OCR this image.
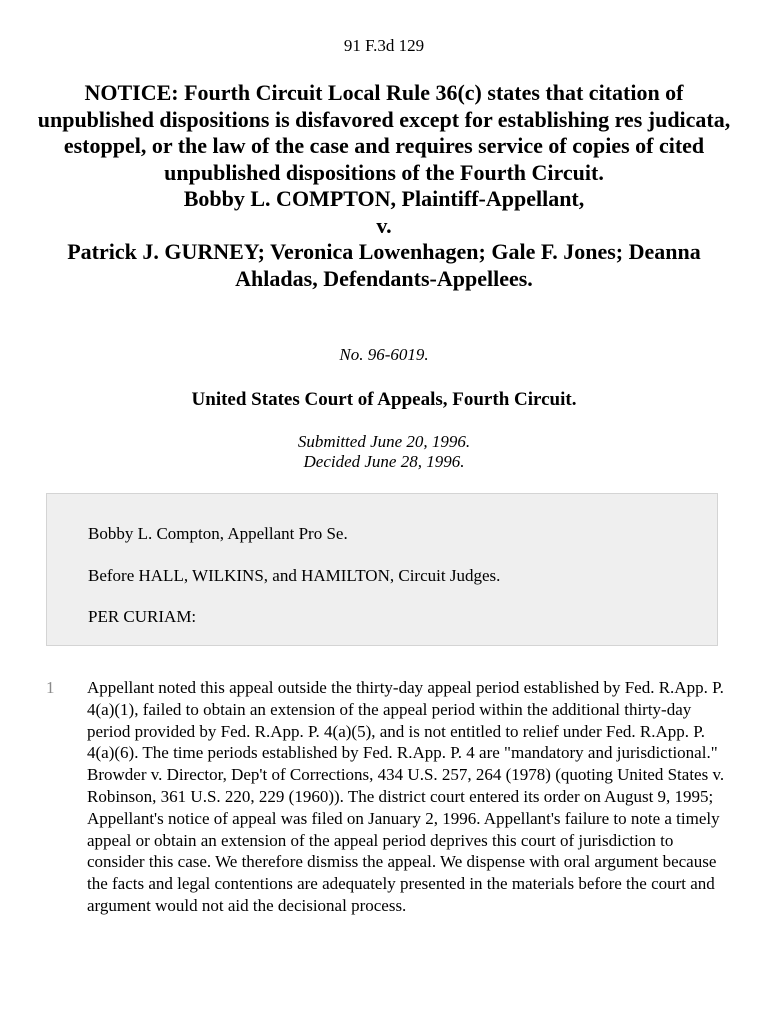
91 F.3d 129
NOTICE: Fourth Circuit Local Rule 36(c) states that citation of unpublished dispositions is disfavored except for establishing res judicata, estoppel, or the law of the case and requires service of copies of cited unpublished dispositions of the Fourth Circuit.
Bobby L. COMPTON, Plaintiff-Appellant,
v.
Patrick J. GURNEY; Veronica Lowenhagen; Gale F. Jones; Deanna Ahladas, Defendants-Appellees.
No. 96-6019.
United States Court of Appeals, Fourth Circuit.
Submitted June 20, 1996.
Decided June 28, 1996.

Bobby L. Compton, Appellant Pro Se.

Before HALL, WILKINS, and HAMILTON, Circuit Judges.

PER CURIAM:

1 Appellant noted this appeal outside the thirty-day appeal period established by Fed. R.App. P. 4(a)(1), failed to obtain an extension of the appeal period within the additional thirty-day period provided by Fed. R.App. P. 4(a)(5), and is not entitled to relief under Fed. R.App. P. 4(a)(6). The time periods established by Fed. R.App. P. 4 are "mandatory and jurisdictional." Browder v. Director, Dep't of Corrections, 434 U.S. 257, 264 (1978) (quoting United States v. Robinson, 361 U.S. 220, 229 (1960)). The district court entered its order on August 9, 1995; Appellant's notice of appeal was filed on January 2, 1996. Appellant's failure to note a timely appeal or obtain an extension of the appeal period deprives this court of jurisdiction to consider this case. We therefore dismiss the appeal. We dispense with oral argument because the facts and legal contentions are adequately presented in the materials before the court and argument would not aid the decisional process.
